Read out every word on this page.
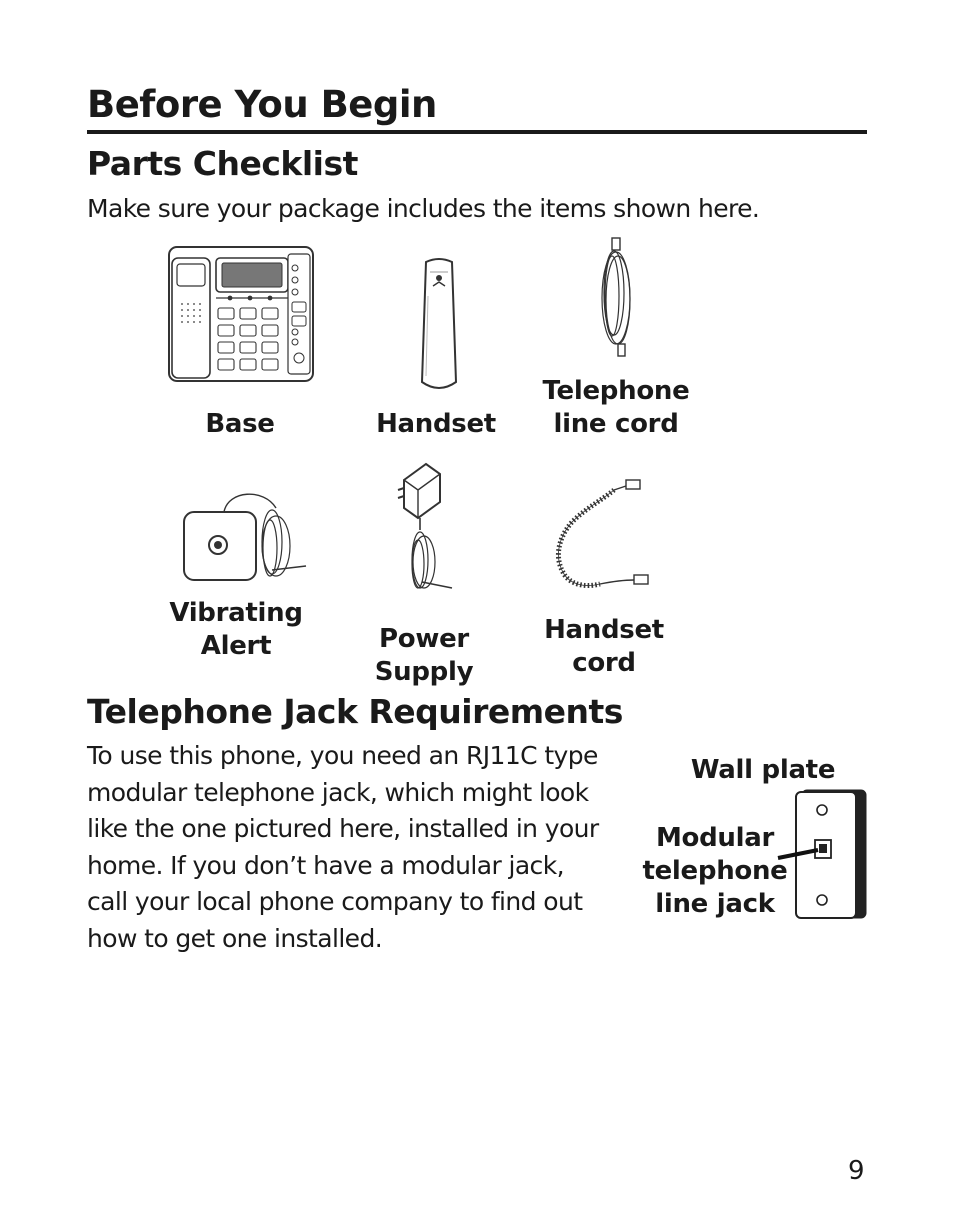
Before You Begin
Parts Checklist
Make sure your package includes the items shown here.
Base	Handset
Telephone
line cord
Vibrating
Alert	Power
Supply
Handset
cord
Telephone Jack Requirements
To use this phone, you need an RJ11C type
modular telephone jack, which might look
like the one pictured here, installed in your
home. If you don’t have a modular jack,
call your local phone company to find out
how to get one installed.
Wall plate
Modular
telephone
line jack
9
